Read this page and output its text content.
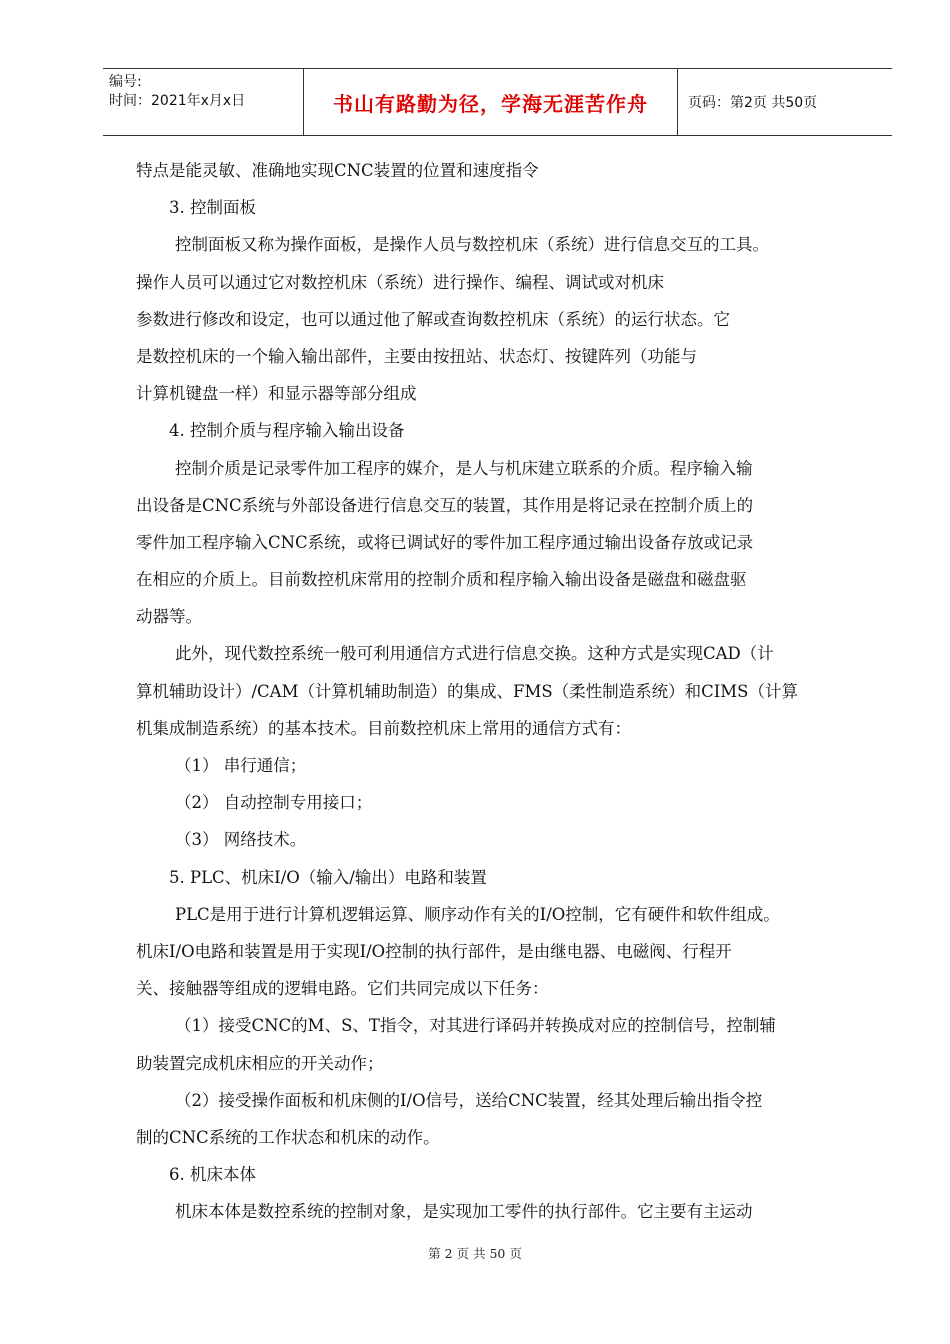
编号:
时间：2021年x月x日	书山有路勤为径，学海无涯苦作舟	页码：第2页 共50页
特点是能灵敏、准确地实现CNC装置的位置和速度指令
3. 控制面板
控制面板又称为操作面板，是操作人员与数控机床（系统）进行信息交互的工具。
操作人员可以通过它对数控机床（系统）进行操作、编程、调试或对机床
参数进行修改和设定，也可以通过他了解或查询数控机床（系统）的运行状态。它
是数控机床的一个输入输出部件，主要由按扭站、状态灯、按键阵列（功能与
计算机键盘一样）和显示器等部分组成
4. 控制介质与程序输入输出设备
控制介质是记录零件加工程序的媒介，是人与机床建立联系的介质。程序输入输
出设备是CNC系统与外部设备进行信息交互的装置，其作用是将记录在控制介质上的
零件加工程序输入CNC系统，或将已调试好的零件加工程序通过输出设备存放或记录
在相应的介质上。目前数控机床常用的控制介质和程序输入输出设备是磁盘和磁盘驱
动器等。
此外，现代数控系统一般可利用通信方式进行信息交换。这种方式是实现CAD（计
算机辅助设计）/CAM（计算机辅助制造）的集成、FMS（柔性制造系统）和CIMS（计算
机集成制造系统）的基本技术。目前数控机床上常用的通信方式有：
（1） 串行通信；
（2） 自动控制专用接口；
（3） 网络技术。
5. PLC、机床I/O（输入/输出）电路和装置
PLC是用于进行计算机逻辑运算、顺序动作有关的I/O控制，它有硬件和软件组成。
机床I/O电路和装置是用于实现I/O控制的执行部件，是由继电器、电磁阀、行程开
关、接触器等组成的逻辑电路。它们共同完成以下任务：
（1）接受CNC的M、S、T指令，对其进行译码并转换成对应的控制信号，控制辅
助装置完成机床相应的开关动作；
（2）接受操作面板和机床侧的I/O信号，送给CNC装置，经其处理后输出指令控
制的CNC系统的工作状态和机床的动作。
6. 机床本体
机床本体是数控系统的控制对象，是实现加工零件的执行部件。它主要有主运动
第 2 页 共 50 页
